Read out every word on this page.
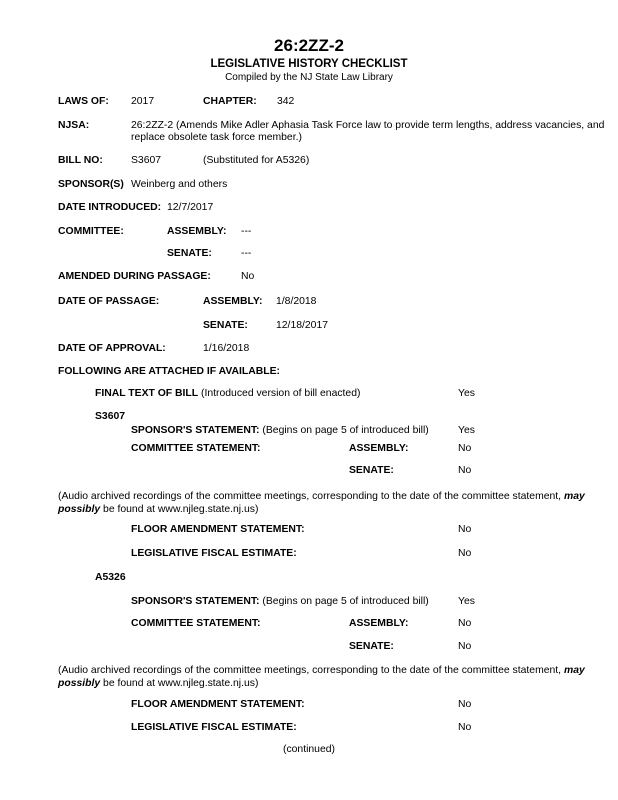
26:2ZZ-2
LEGISLATIVE HISTORY CHECKLIST
Compiled by the NJ State Law Library
LAWS OF: 2017	CHAPTER: 342
NJSA:	26:2ZZ-2 (Amends Mike Adler Aphasia Task Force law to provide term lengths, address vacancies, and
replace obsolete task force member.)
BILL NO:	S3607	(Substituted for A5326)
SPONSOR(S) Weinberg and others
DATE INTRODUCED: 12/7/2017
COMMITTEE:	ASSEMBLY: ---
SENATE:	---
AMENDED DURING PASSAGE:	No
DATE OF PASSAGE:	ASSEMBLY: 1/8/2018
SENATE:	12/18/2017
DATE OF APPROVAL:	1/16/2018
FOLLOWING ARE ATTACHED IF AVAILABLE:
FINAL TEXT OF BILL (Introduced version of bill enacted)	Yes
S3607
SPONSOR'S STATEMENT: (Begins on page 5 of introduced bill)	Yes
COMMITTEE STATEMENT:	ASSEMBLY:	No
SENATE:	No
(Audio archived recordings of the committee meetings, corresponding to the date of the committee statement, may possibly be found at www.njleg.state.nj.us)
FLOOR AMENDMENT STATEMENT:	No
LEGISLATIVE FISCAL ESTIMATE:	No
A5326
SPONSOR'S STATEMENT: (Begins on page 5 of introduced bill)	Yes
COMMITTEE STATEMENT:	ASSEMBLY:	No
SENATE:	No
(Audio archived recordings of the committee meetings, corresponding to the date of the committee statement, may possibly be found at www.njleg.state.nj.us)
FLOOR AMENDMENT STATEMENT:	No
LEGISLATIVE FISCAL ESTIMATE:	No
(continued)
